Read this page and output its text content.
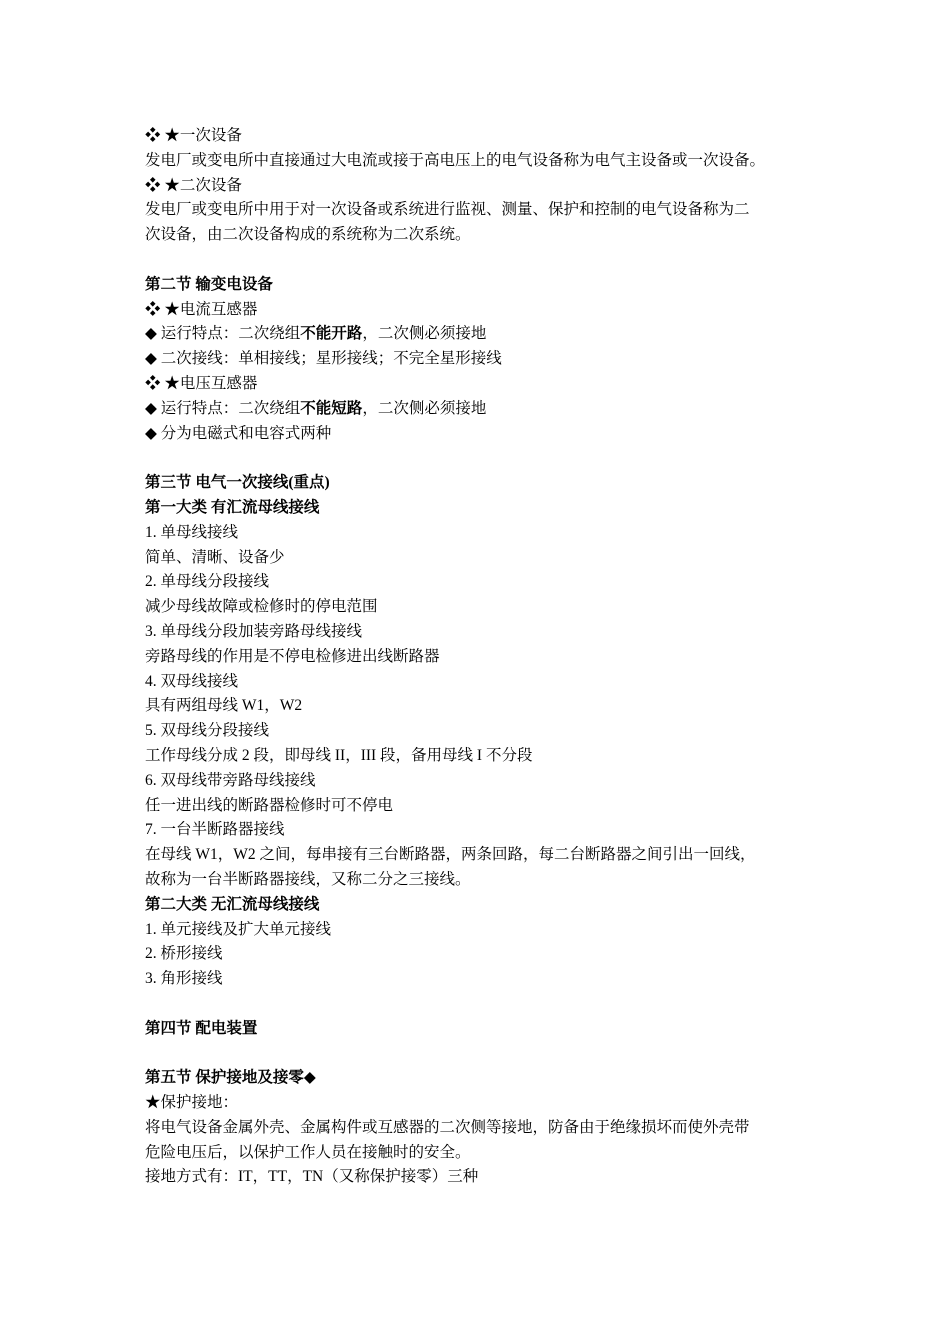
❖ ★一次设备
发电厂或变电所中直接通过大电流或接于高电压上的电气设备称为电气主设备或一次设备。
❖ ★二次设备
发电厂或变电所中用于对一次设备或系统进行监视、测量、保护和控制的电气设备称为二
次设备，由二次设备构成的系统称为二次系统。
第二节 输变电设备
❖ ★电流互感器
◆ 运行特点：二次绕组不能开路，二次侧必须接地
◆ 二次接线：单相接线；星形接线；不完全星形接线
❖ ★电压互感器
◆ 运行特点：二次绕组不能短路，二次侧必须接地
◆ 分为电磁式和电容式两种
第三节 电气一次接线(重点)
第一大类 有汇流母线接线
1. 单母线接线
简单、清晰、设备少
2. 单母线分段接线
减少母线故障或检修时的停电范围
3. 单母线分段加装旁路母线接线
旁路母线的作用是不停电检修进出线断路器
4. 双母线接线
具有两组母线 W1，W2
5. 双母线分段接线
工作母线分成 2 段，即母线 II，III 段，备用母线 I 不分段
6. 双母线带旁路母线接线
任一进出线的断路器检修时可不停电
7. 一台半断路器接线
在母线 W1，W2 之间，每串接有三台断路器，两条回路，每二台断路器之间引出一回线，
故称为一台半断路器接线，又称二分之三接线。
第二大类 无汇流母线接线
1. 单元接线及扩大单元接线
2. 桥形接线
3. 角形接线
第四节 配电装置
第五节 保护接地及接零◆
★保护接地：
将电气设备金属外壳、金属构件或互感器的二次侧等接地，防备由于绝缘损坏而使外壳带
危险电压后，以保护工作人员在接触时的安全。
接地方式有：IT，TT，TN（又称保护接零）三种
